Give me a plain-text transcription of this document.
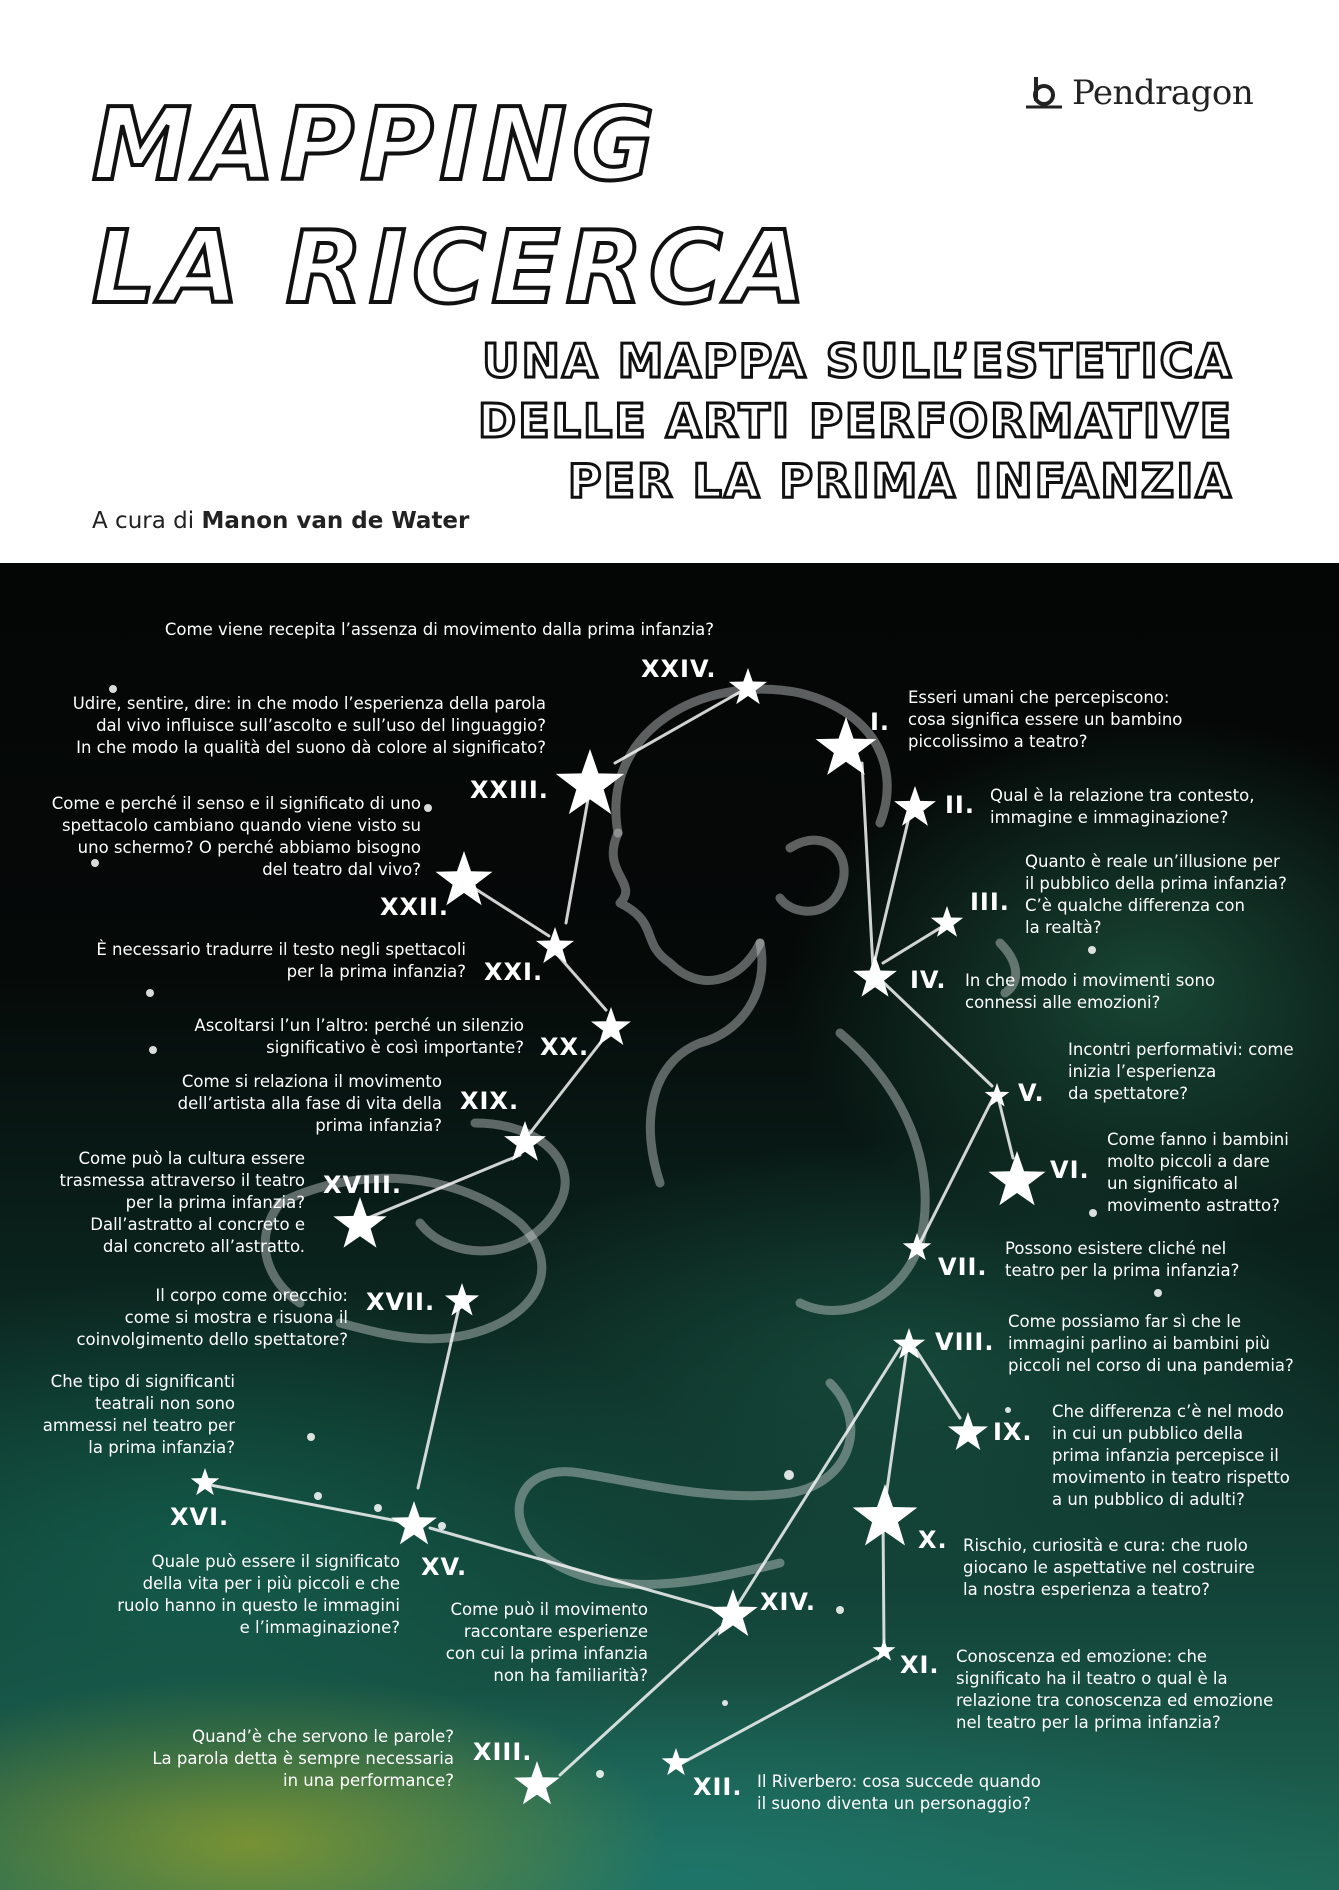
MAPPING
LA RICERCA
UNA MAPPA SULL’ESTETICA
DELLE ARTI PERFORMATIVE
PER LA PRIMA INFANZIA
Pendragon
A cura di Manon van de Water
I.
II.
III.
IV.
V.
VI.
VII.
VIII.
IX.
X.
XI.
XII.
XIII.
XIV.
XV.
XVI.
XVII.
XVIII.
XIX.
XX.
XXI.
XXII.
XXIII.
XXIV.
Esseri umani che percepiscono:
cosa significa essere un bambino
piccolissimo a teatro?
Qual è la relazione tra contesto,
immagine e immaginazione?
Quanto è reale un’illusione per
il pubblico della prima infanzia?
C’è qualche differenza con
la realtà?
In che modo i movimenti sono
connessi alle emozioni?
Incontri performativi: come
inizia l’esperienza
da spettatore?
Come fanno i bambini
molto piccoli a dare
un significato al
movimento astratto?
Possono esistere cliché nel
teatro per la prima infanzia?
Come possiamo far sì che le
immagini parlino ai bambini più
piccoli nel corso di una pandemia?
Che differenza c’è nel modo
in cui un pubblico della
prima infanzia percepisce il
movimento in teatro rispetto
a un pubblico di adulti?
Rischio, curiosità e cura: che ruolo
giocano le aspettative nel costruire
la nostra esperienza a teatro?
Conoscenza ed emozione: che
significato ha il teatro o qual è la
relazione tra conoscenza ed emozione
nel teatro per la prima infanzia?
Il Riverbero: cosa succede quando
il suono diventa un personaggio?
Quand’è che servono le parole?
La parola detta è sempre necessaria
in una performance?
Come può il movimento
raccontare esperienze
con cui la prima infanzia
non ha familiarità?
Quale può essere il significato
della vita per i più piccoli e che
ruolo hanno in questo le immagini
e l’immaginazione?
Che tipo di significanti
teatrali non sono
ammessi nel teatro per
la prima infanzia?
Il corpo come orecchio:
come si mostra e risuona il
coinvolgimento dello spettatore?
Come può la cultura essere
trasmessa attraverso il teatro
per la prima infanzia?
Dall’astratto al concreto e
dal concreto all’astratto.
Come si relaziona il movimento
dell’artista alla fase di vita della
prima infanzia?
Ascoltarsi l’un l’altro: perché un silenzio
significativo è così importante?
È necessario tradurre il testo negli spettacoli
per la prima infanzia?
Come e perché il senso e il significato di uno
spettacolo cambiano quando viene visto su
uno schermo? O perché abbiamo bisogno
del teatro dal vivo?
Udire, sentire, dire: in che modo l’esperienza della parola
dal vivo influisce sull’ascolto e sull’uso del linguaggio?
In che modo la qualità del suono dà colore al significato?
Come viene recepita l’assenza di movimento dalla prima infanzia?
